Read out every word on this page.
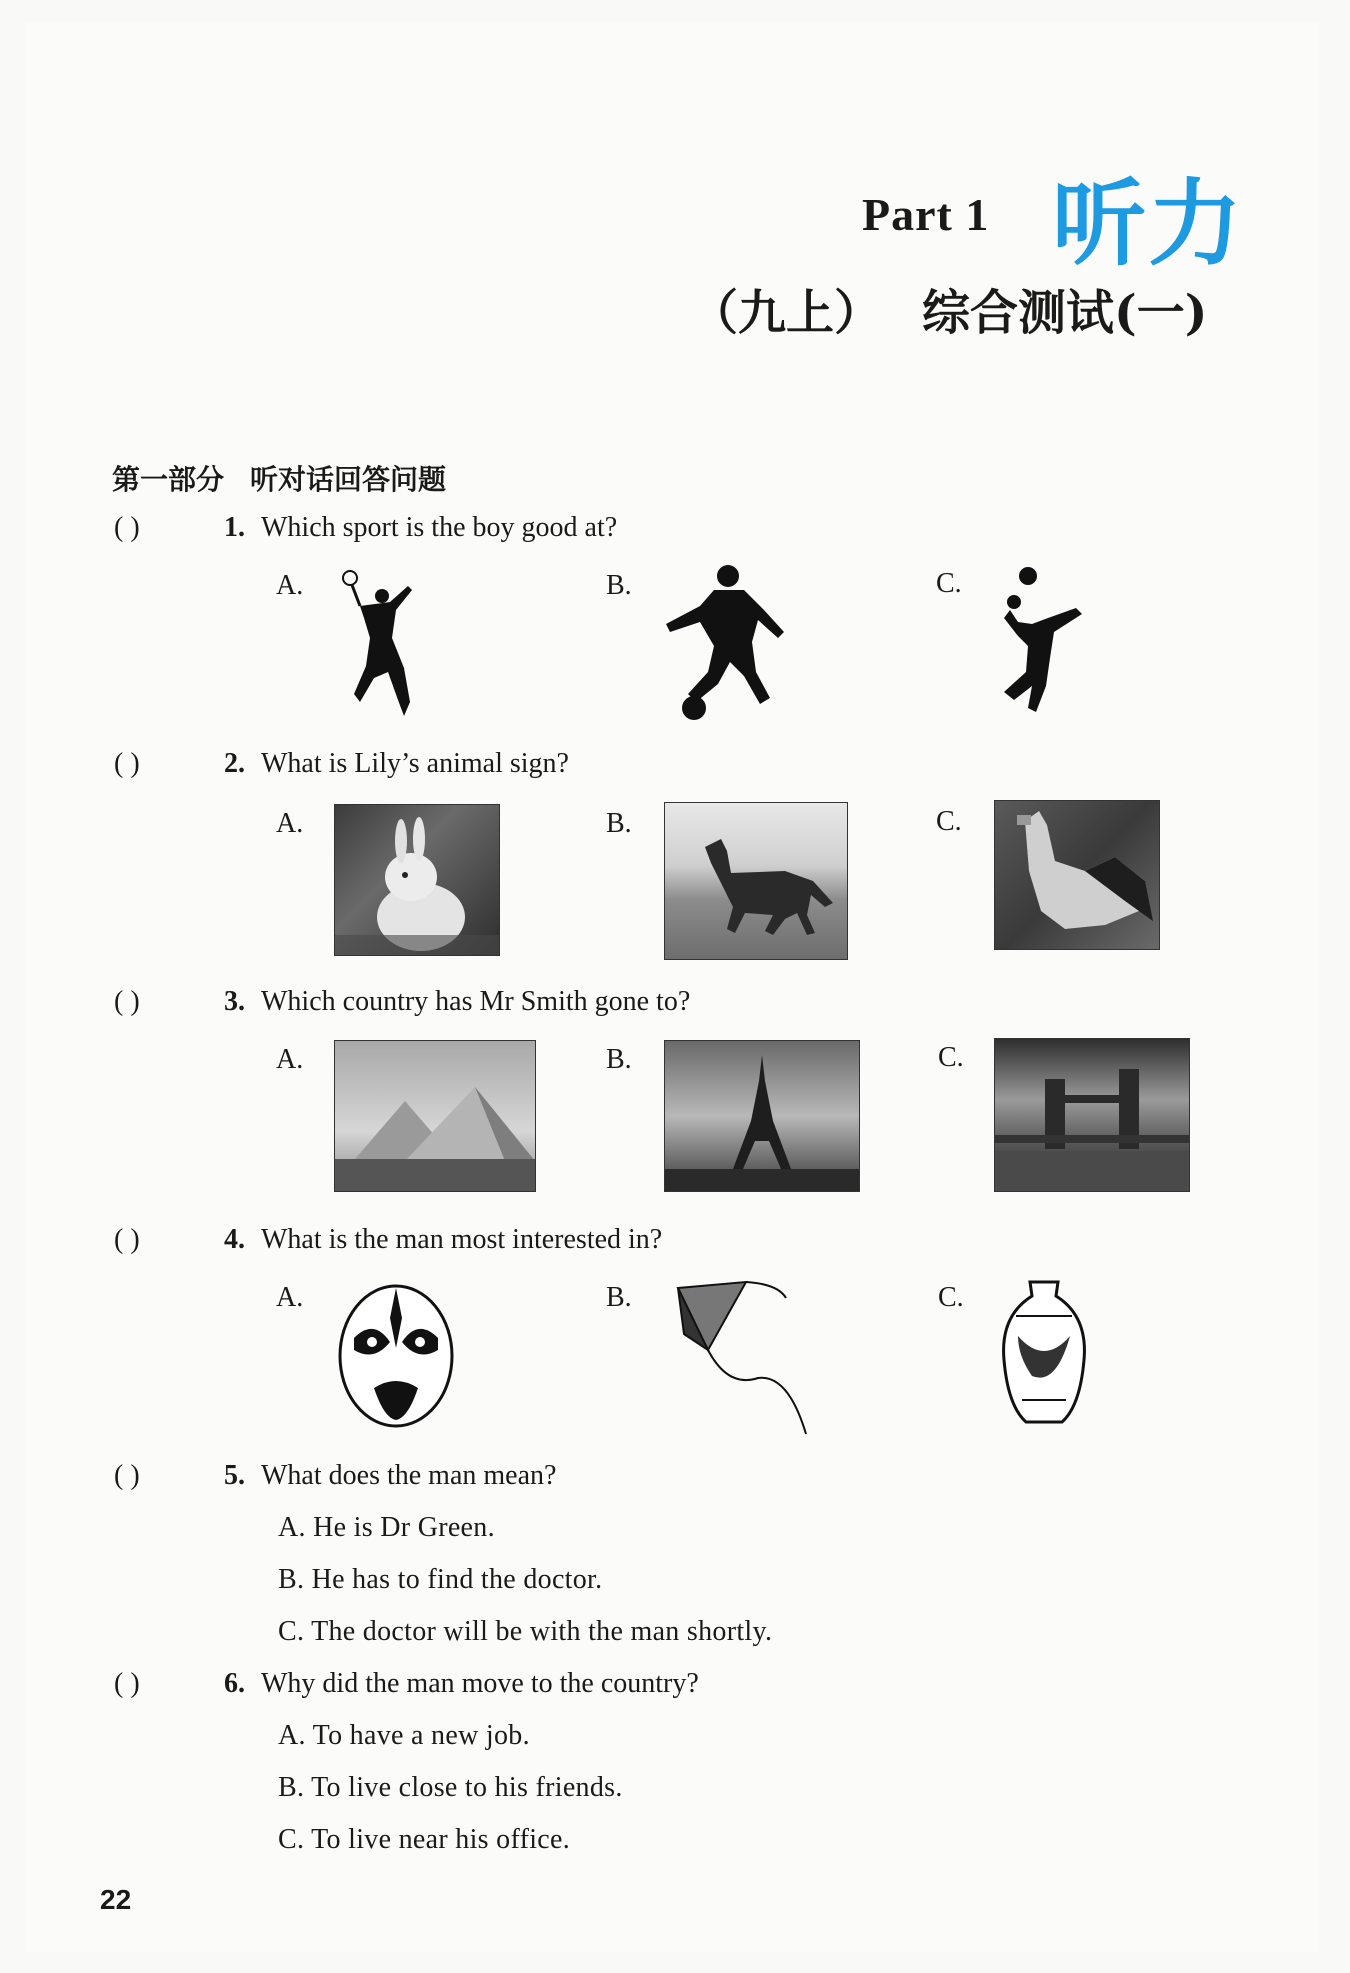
Part 1 听力
（九上） 综合测试(一)
第一部分 听对话回答问题
( )	1. Which sport is the boy good at?
A.	B.	C.
( )	2. What is Lily’s animal sign?
A.	B.	C.
( )	3. Which country has Mr Smith gone to?
A.	B.	C.
( )	4. What is the man most interested in?
A.	B.	C.
( )	5. What does the man mean?
A. He is Dr Green.
B. He has to find the doctor.
C. The doctor will be with the man shortly.
( )	6. Why did the man move to the country?
A. To have a new job.
B. To live close to his friends.
C. To live near his office.
22
